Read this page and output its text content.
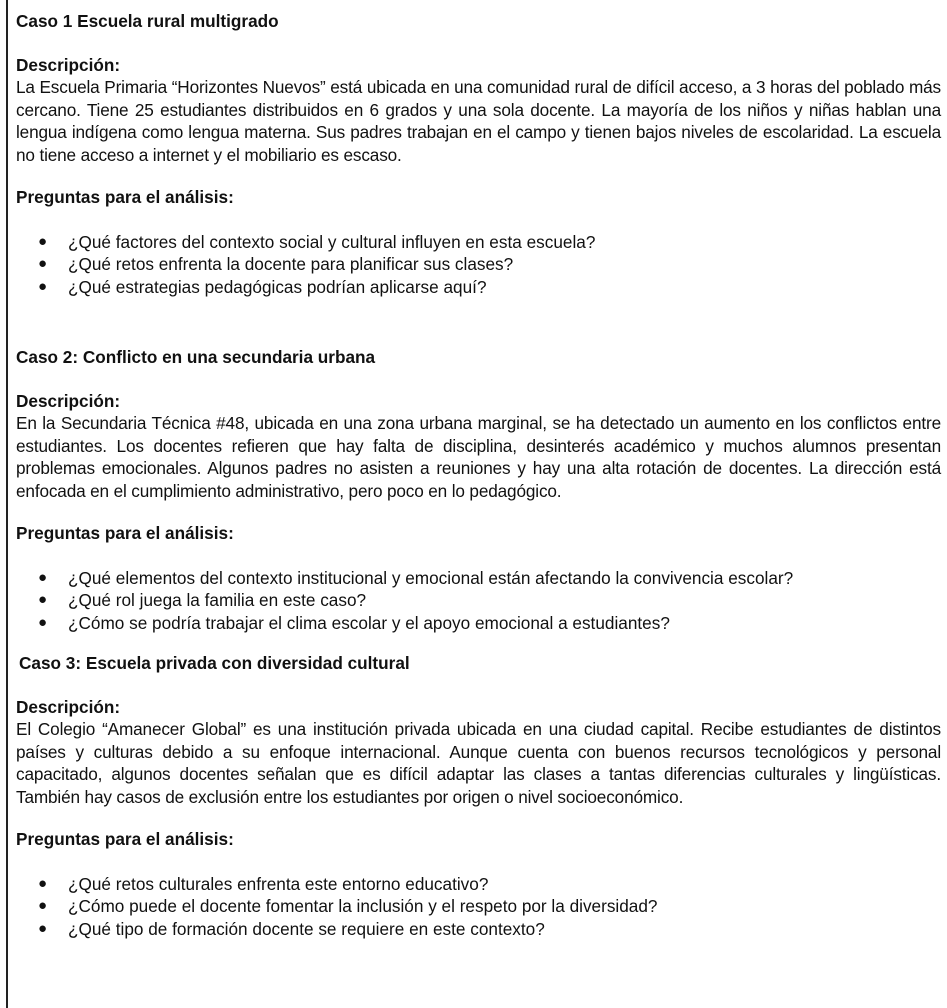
Caso 1 Escuela rural multigrado

Descripción:

La Escuela Primaria “Horizontes Nuevos” está ubicada en una comunidad rural de difícil acceso, a 3 horas del poblado más cercano. Tiene 25 estudiantes distribuidos en 6 grados y una sola docente. La mayoría de los niños y niñas hablan una lengua indígena como lengua materna. Sus padres trabajan en el campo y tienen bajos niveles de escolaridad. La escuela no tiene acceso a internet y el mobiliario es escaso.

Preguntas para el análisis:

● ¿Qué factores del contexto social y cultural influyen en esta escuela?
● ¿Qué retos enfrenta la docente para planificar sus clases?
● ¿Qué estrategias pedagógicas podrían aplicarse aquí?

Caso 2: Conflicto en una secundaria urbana

Descripción:

En la Secundaria Técnica #48, ubicada en una zona urbana marginal, se ha detectado un aumento en los conflictos entre estudiantes. Los docentes refieren que hay falta de disciplina, desinterés académico y muchos alumnos presentan problemas emocionales. Algunos padres no asisten a reuniones y hay una alta rotación de docentes. La dirección está enfocada en el cumplimiento administrativo, pero poco en lo pedagógico.

Preguntas para el análisis:

● ¿Qué elementos del contexto institucional y emocional están afectando la convivencia escolar?
● ¿Qué rol juega la familia en este caso?
● ¿Cómo se podría trabajar el clima escolar y el apoyo emocional a estudiantes?

Caso 3: Escuela privada con diversidad cultural

Descripción:

El Colegio “Amanecer Global” es una institución privada ubicada en una ciudad capital. Recibe estudiantes de distintos países y culturas debido a su enfoque internacional. Aunque cuenta con buenos recursos tecnológicos y personal capacitado, algunos docentes señalan que es difícil adaptar las clases a tantas diferencias culturales y lingüísticas. También hay casos de exclusión entre los estudiantes por origen o nivel socioeconómico.

Preguntas para el análisis:

● ¿Qué retos culturales enfrenta este entorno educativo?
● ¿Cómo puede el docente fomentar la inclusión y el respeto por la diversidad?
● ¿Qué tipo de formación docente se requiere en este contexto?
